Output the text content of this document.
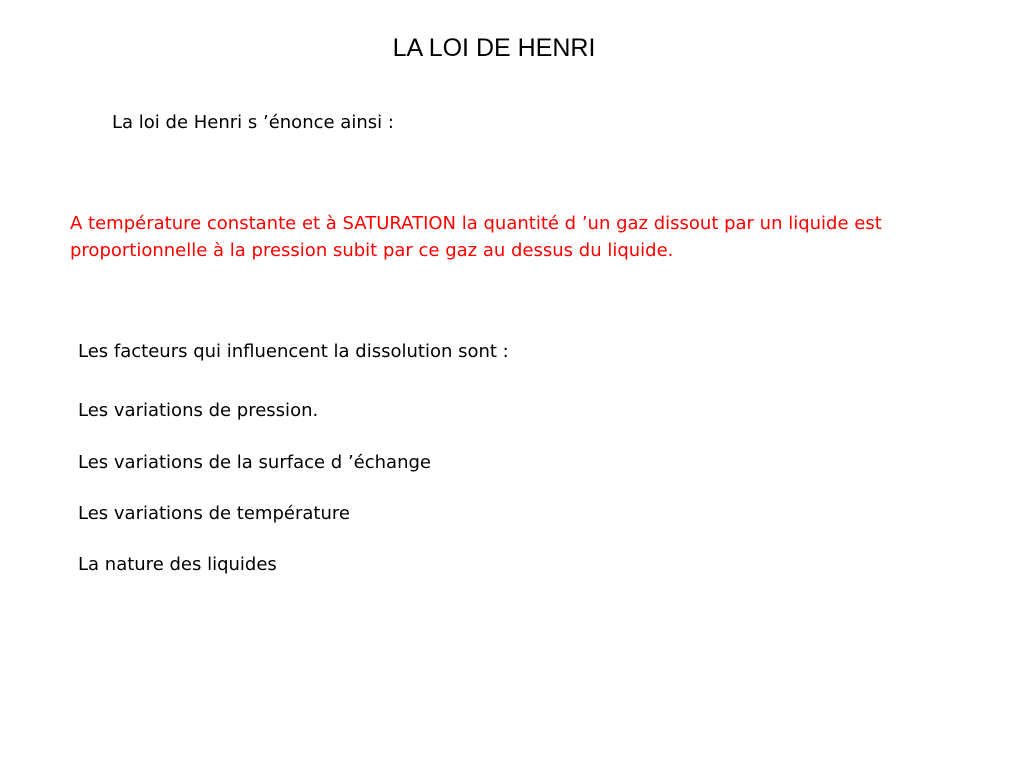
LA LOI DE HENRI
La loi de Henri s ’énonce ainsi :
A température constante et à SATURATION la quantité d ’un gaz dissout par un liquide est proportionnelle à la pression subit par ce gaz au dessus du liquide.
Les facteurs qui influencent la dissolution sont :
Les variations de pression.
Les variations de la surface d ’échange
Les variations de température
La nature des liquides
